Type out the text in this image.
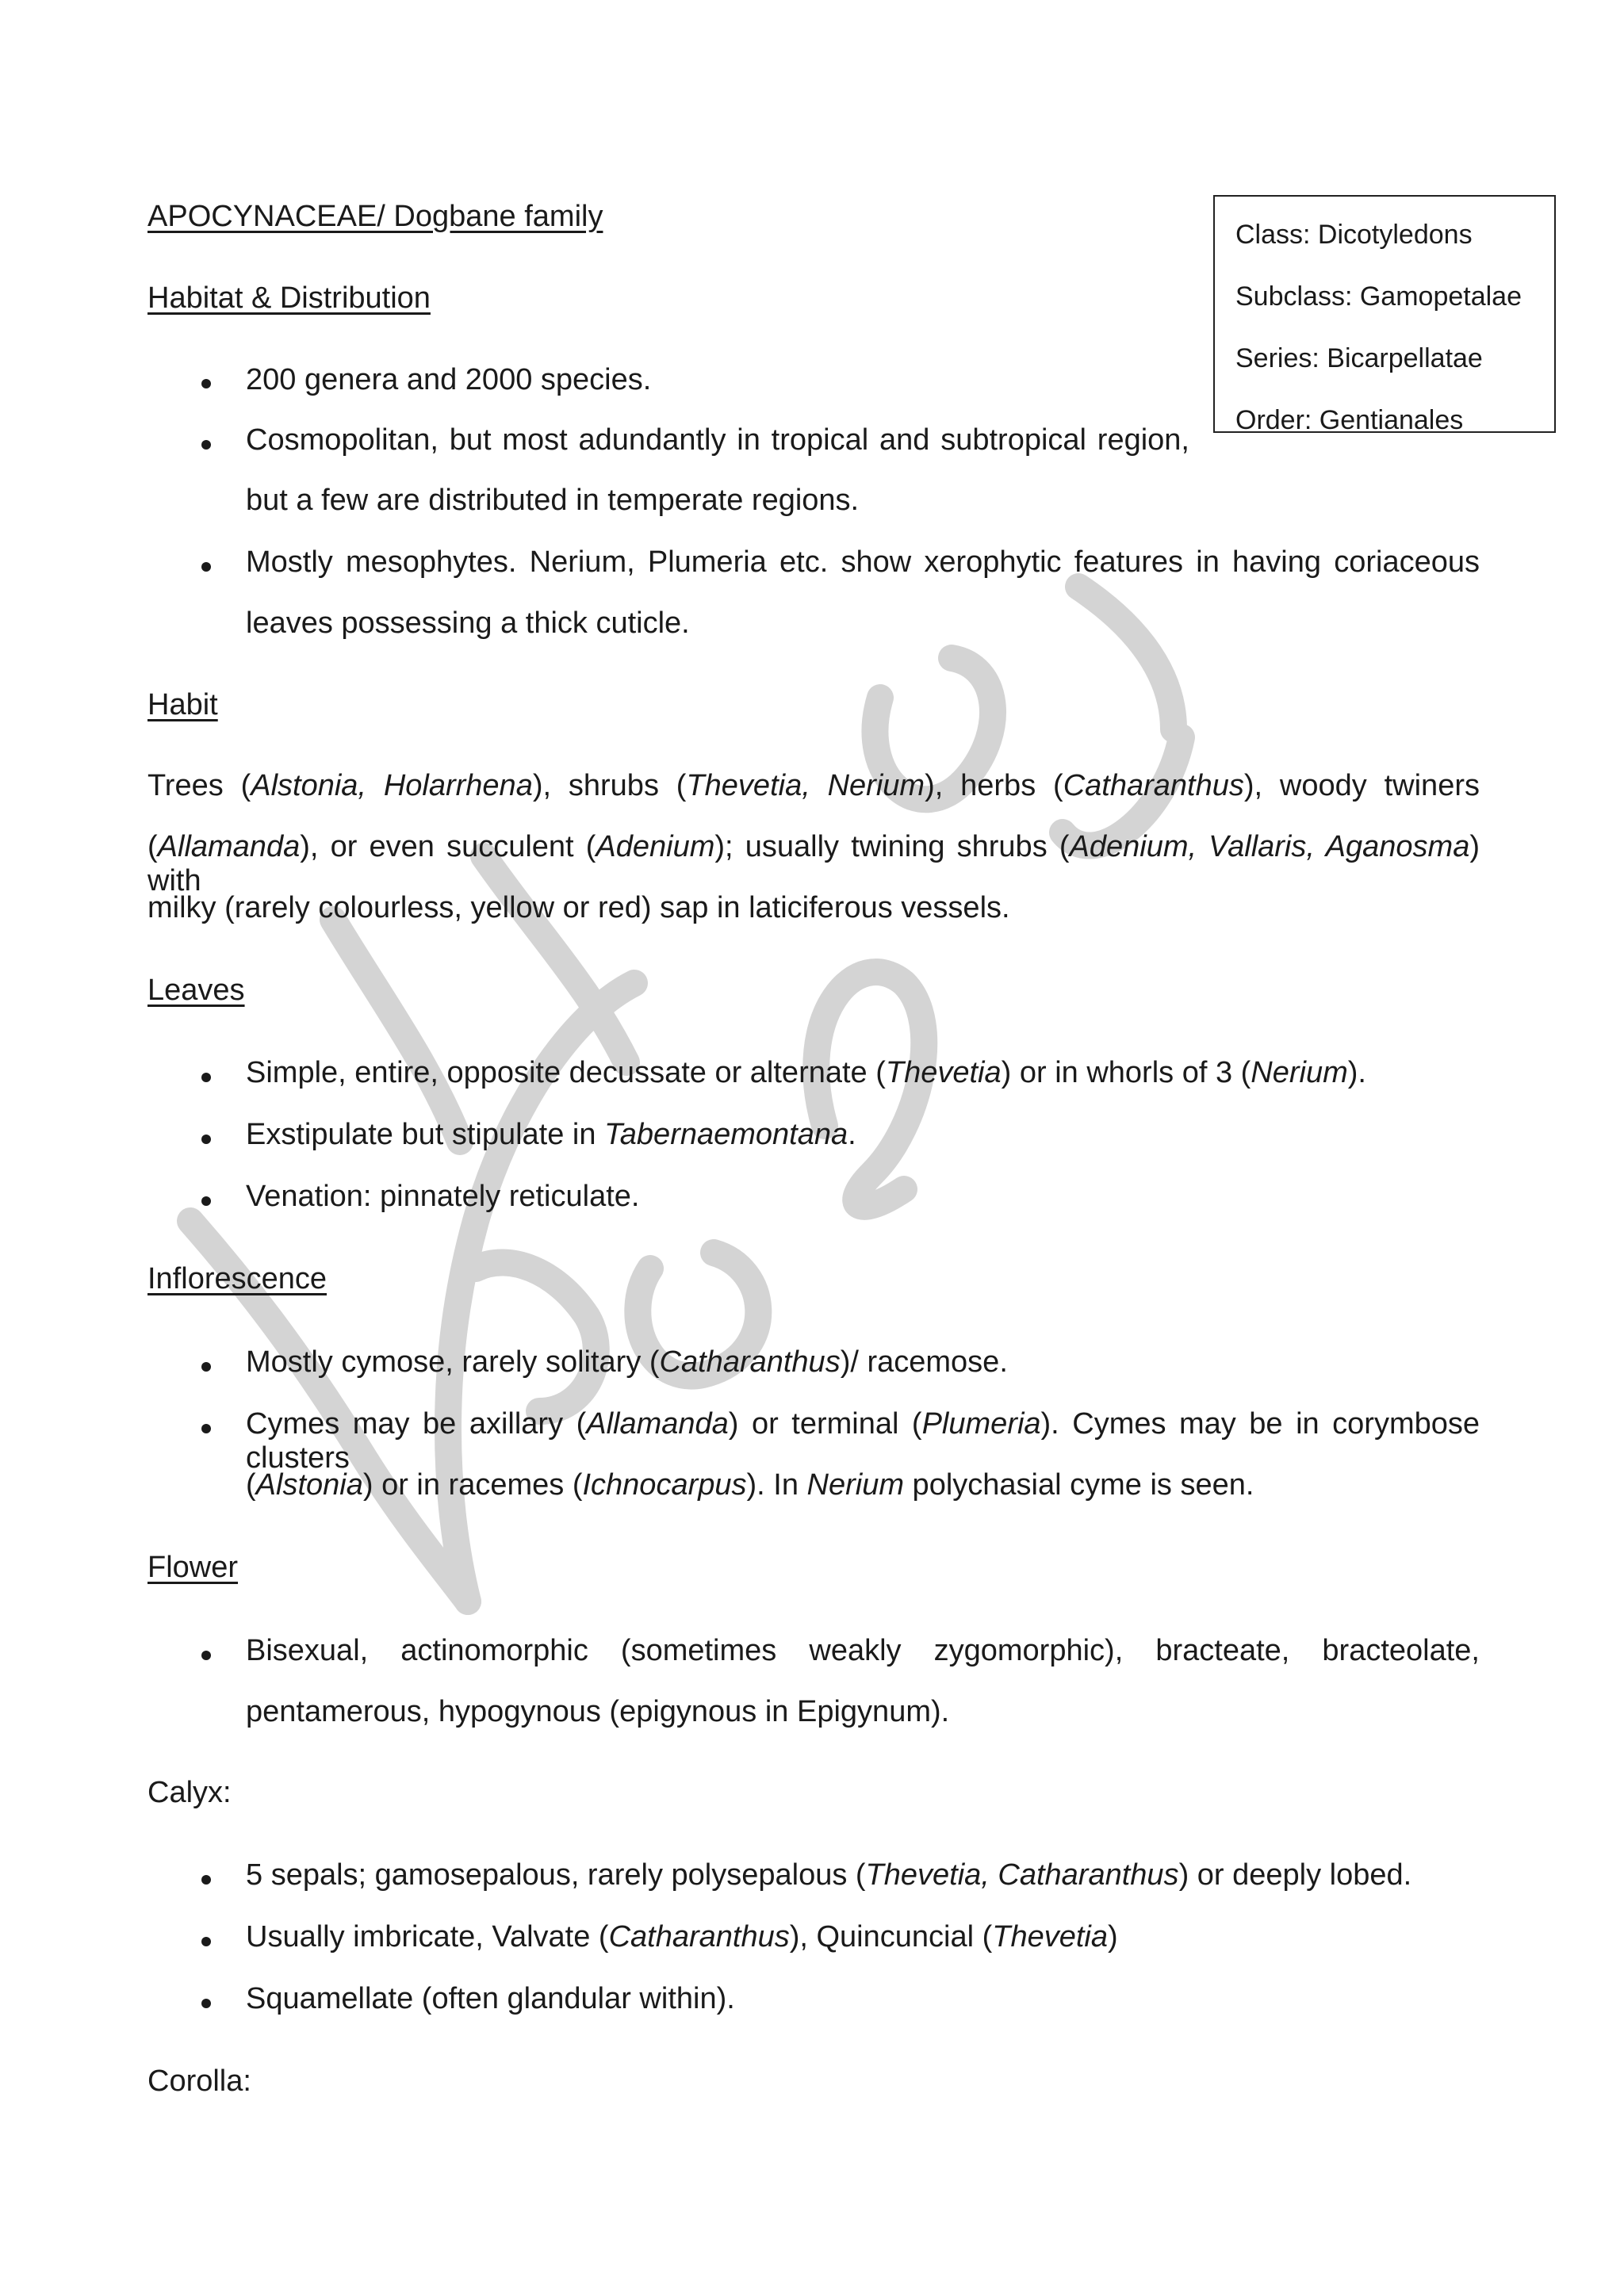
APOCYNACEAE/ Dogbane family
Class: Dicotyledons
Subclass: Gamopetalae
Series: Bicarpellatae
Order: Gentianales
Habitat & Distribution
200 genera and 2000 species.
Cosmopolitan, but most adundantly in tropical and subtropical region,
but a few are distributed in temperate regions.
Mostly mesophytes. Nerium, Plumeria etc. show xerophytic features in having coriaceous
leaves possessing a thick cuticle.
Habit
Trees (Alstonia, Holarrhena), shrubs (Thevetia, Nerium), herbs (Catharanthus), woody twiners
(Allamanda), or even succulent (Adenium); usually twining shrubs (Adenium, Vallaris, Aganosma) with
milky (rarely colourless, yellow or red) sap in laticiferous vessels.
Leaves
Simple, entire, opposite decussate or alternate (Thevetia) or in whorls of 3 (Nerium).
Exstipulate but stipulate in Tabernaemontana.
Venation: pinnately reticulate.
Inflorescence
Mostly cymose, rarely solitary (Catharanthus)/ racemose.
Cymes may be axillary (Allamanda) or terminal (Plumeria). Cymes may be in corymbose clusters
(Alstonia) or in racemes (Ichnocarpus). In Nerium polychasial cyme is seen.
Flower
Bisexual, actinomorphic (sometimes weakly zygomorphic), bracteate, bracteolate,
pentamerous, hypogynous (epigynous in Epigynum).
Calyx:
5 sepals; gamosepalous, rarely polysepalous (Thevetia, Catharanthus) or deeply lobed.
Usually imbricate, Valvate (Catharanthus), Quincuncial (Thevetia)
Squamellate (often glandular within).
Corolla:
